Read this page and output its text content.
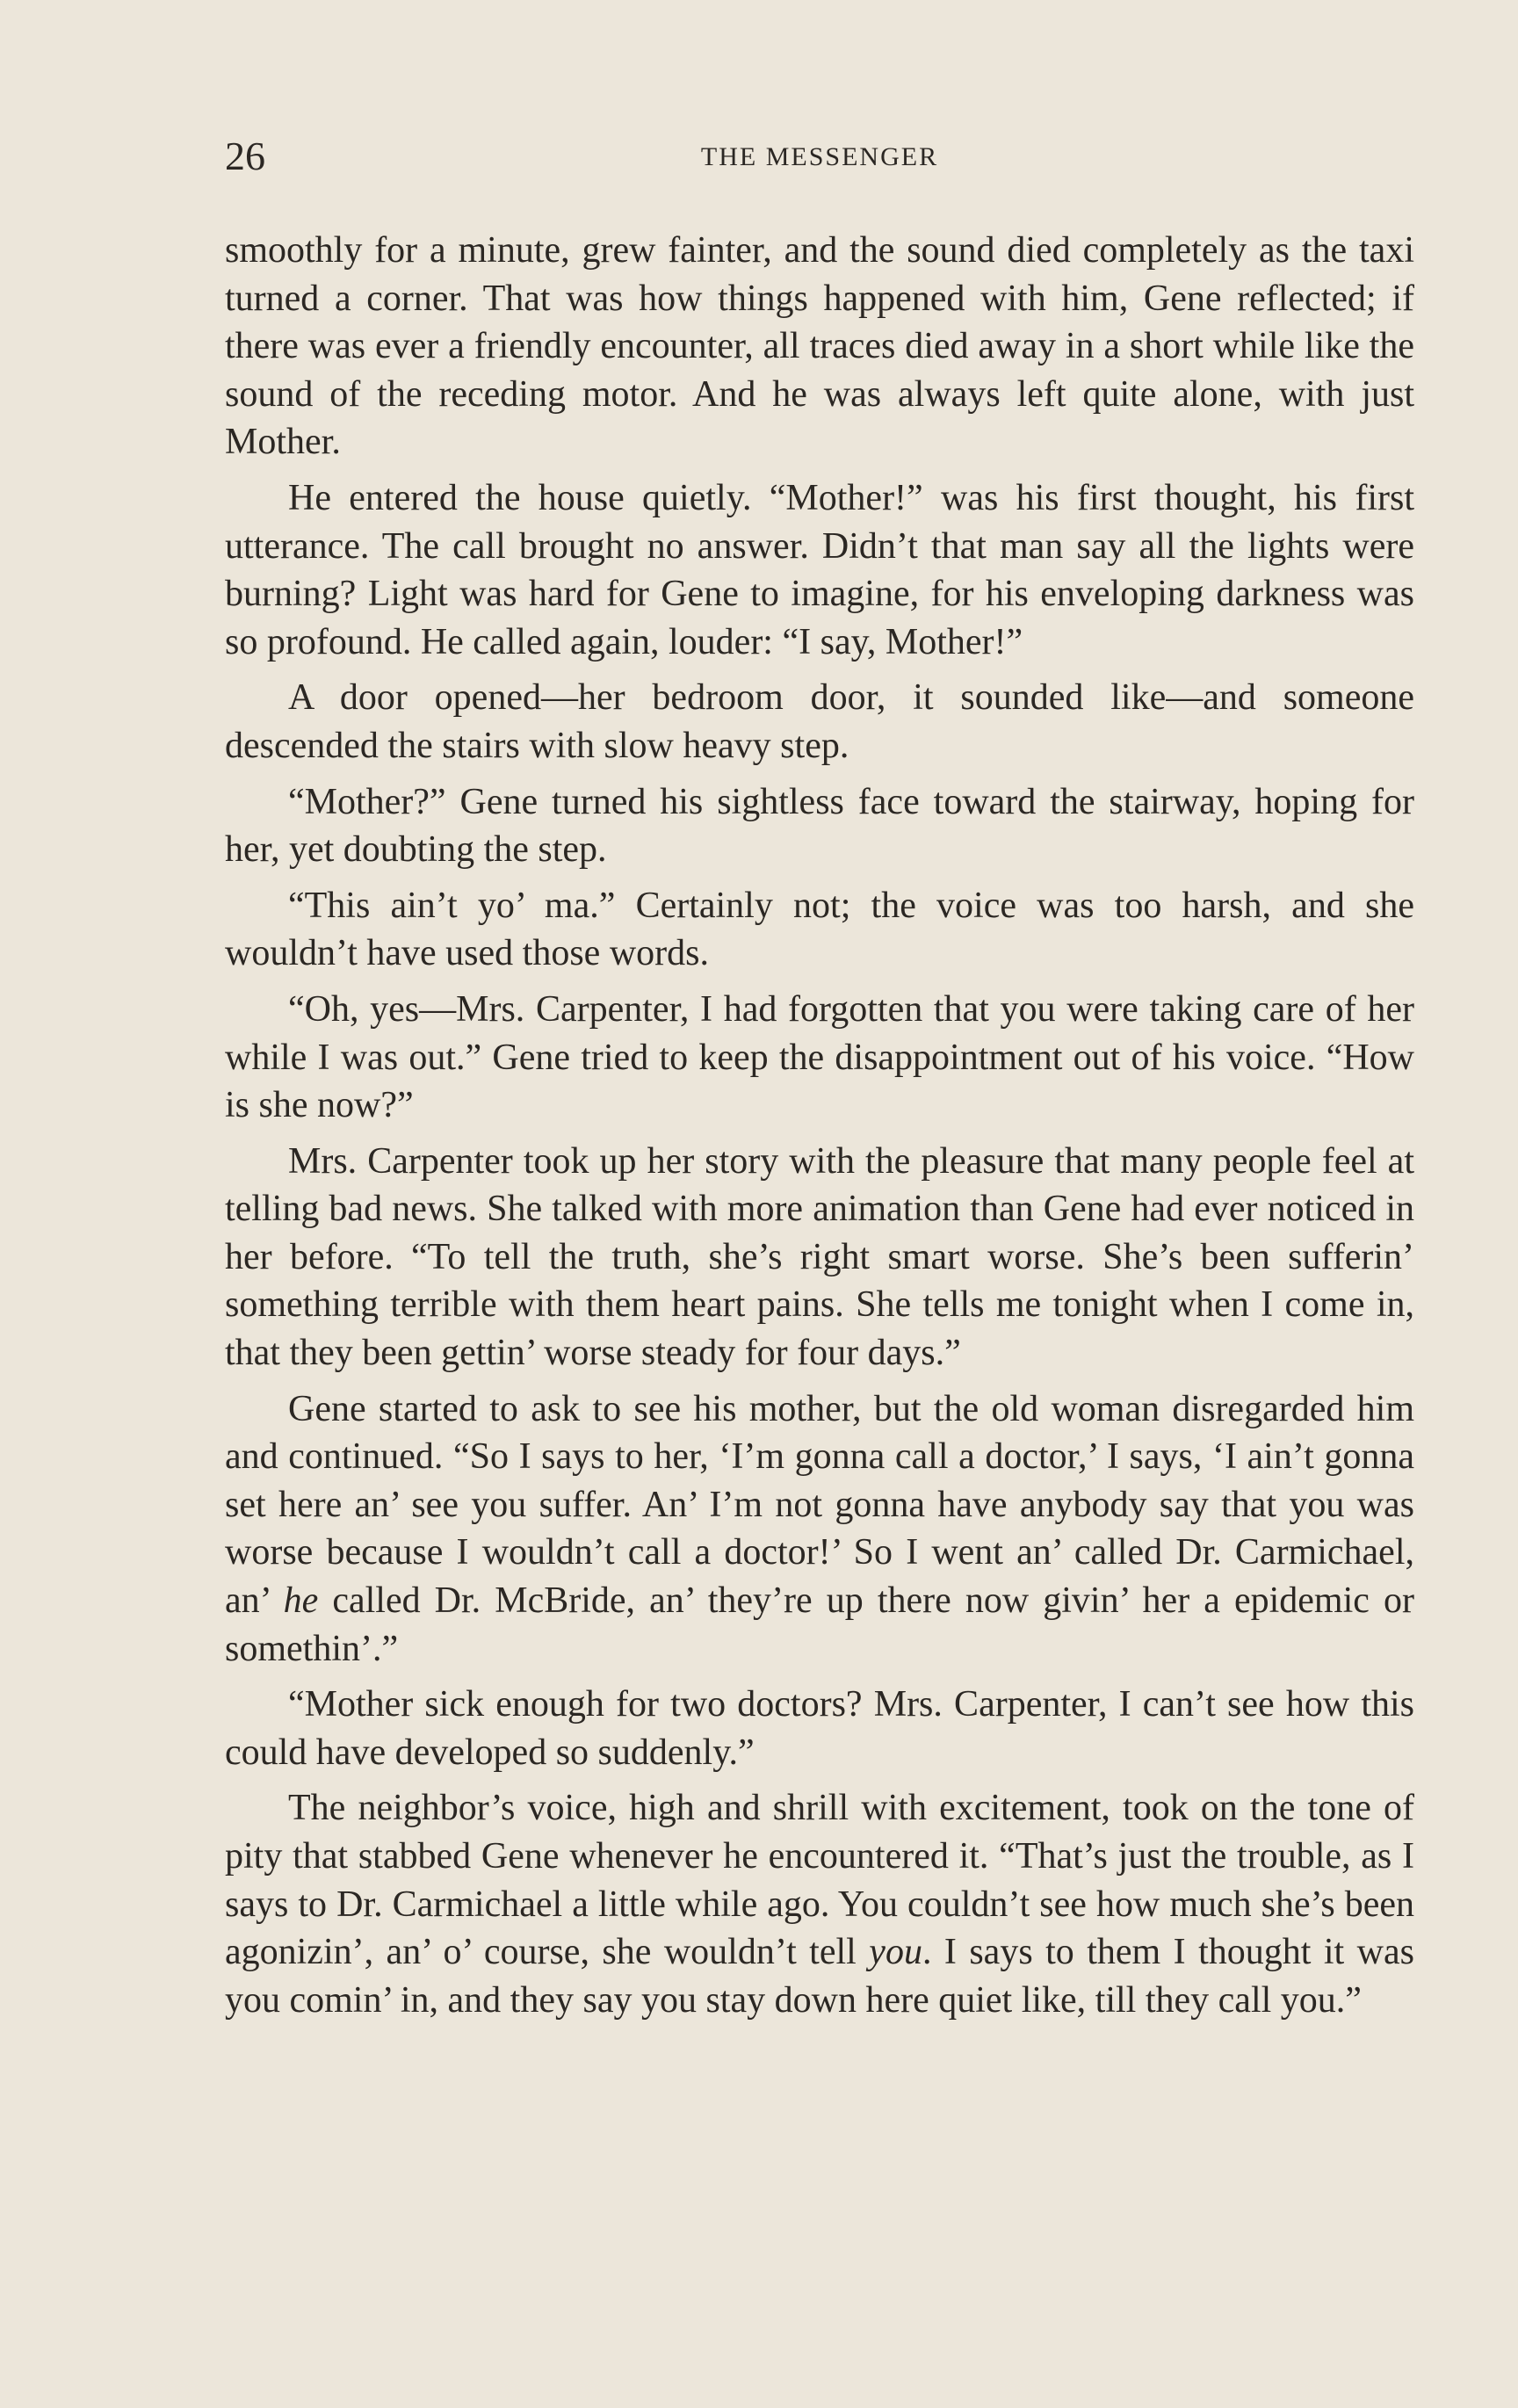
26	THE MESSENGER

smoothly for a minute, grew fainter, and the sound died completely as the taxi turned a corner. That was how things happened with him, Gene reflected; if there was ever a friendly encounter, all traces died away in a short while like the sound of the receding motor. And he was always left quite alone, with just Mother.

He entered the house quietly. “Mother!” was his first thought, his first utterance. The call brought no answer. Didn’t that man say all the lights were burning? Light was hard for Gene to imagine, for his enveloping darkness was so profound. He called again, louder: “I say, Mother!”

A door opened—her bedroom door, it sounded like—and someone descended the stairs with slow heavy step.

“Mother?” Gene turned his sightless face toward the stairway, hoping for her, yet doubting the step.

“This ain’t yo’ ma.” Certainly not; the voice was too harsh, and she wouldn’t have used those words.

“Oh, yes—Mrs. Carpenter, I had forgotten that you were taking care of her while I was out.” Gene tried to keep the disappointment out of his voice. “How is she now?”

Mrs. Carpenter took up her story with the pleasure that many people feel at telling bad news. She talked with more animation than Gene had ever noticed in her before. “To tell the truth, she’s right smart worse. She’s been sufferin’ something terrible with them heart pains. She tells me tonight when I come in, that they been gettin’ worse steady for four days.”

Gene started to ask to see his mother, but the old woman disregarded him and continued. “So I says to her, ‘I’m gonna call a doctor,’ I says, ‘I ain’t gonna set here an’ see you suffer. An’ I’m not gonna have anybody say that you was worse because I wouldn’t call a doctor!’ So I went an’ called Dr. Carmichael, an’ he called Dr. McBride, an’ they’re up there now givin’ her a epidemic or somethin’.”

“Mother sick enough for two doctors? Mrs. Carpenter, I can’t see how this could have developed so suddenly.”

The neighbor’s voice, high and shrill with excitement, took on the tone of pity that stabbed Gene whenever he encountered it. “That’s just the trouble, as I says to Dr. Carmichael a little while ago. You couldn’t see how much she’s been agonizin’, an’ o’ course, she wouldn’t tell you. I says to them I thought it was you comin’ in, and they say you stay down here quiet like, till they call you.”
